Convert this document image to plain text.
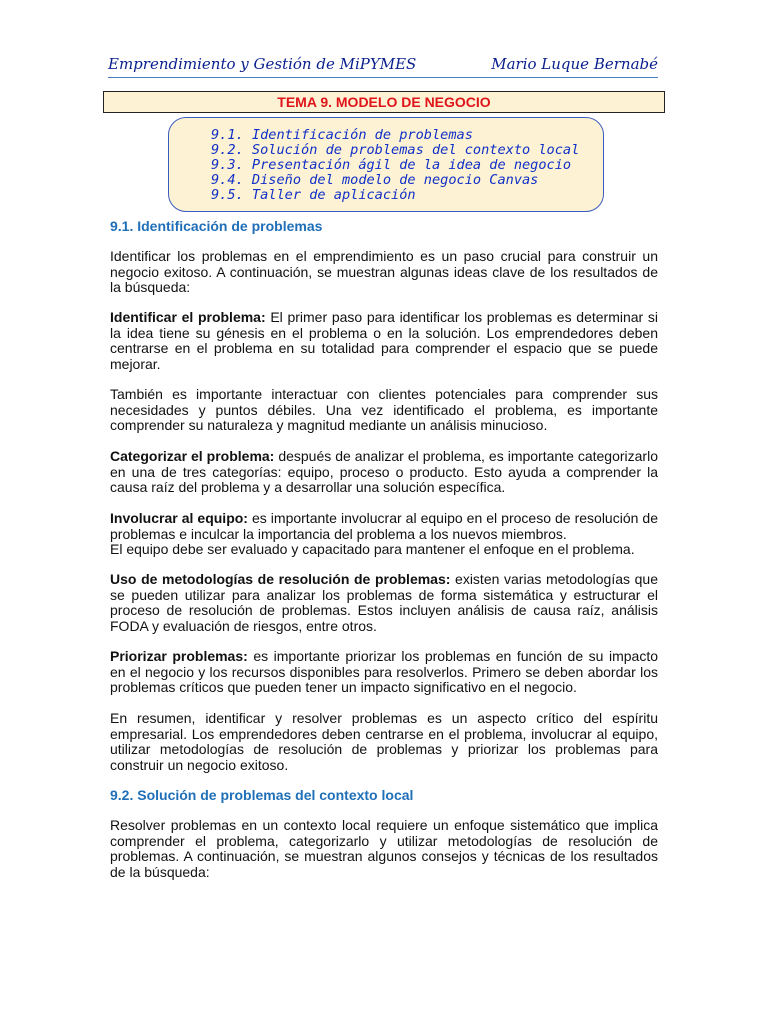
Emprendimiento y Gestión de MiPYMES	Mario Luque Bernabé
TEMA 9. MODELO DE NEGOCIO
9.1. Identificación de problemas
9.2. Solución de problemas del contexto local
9.3. Presentación ágil de la idea de negocio
9.4. Diseño del modelo de negocio Canvas
9.5. Taller de aplicación
9.1. Identificación de problemas
Identificar los problemas en el emprendimiento es un paso crucial para construir un negocio exitoso. A continuación, se muestran algunas ideas clave de los resultados de la búsqueda:
Identificar el problema: El primer paso para identificar los problemas es determinar si la idea tiene su génesis en el problema o en la solución. Los emprendedores deben centrarse en el problema en su totalidad para comprender el espacio que se puede mejorar.
También es importante interactuar con clientes potenciales para comprender sus necesidades y puntos débiles. Una vez identificado el problema, es importante comprender su naturaleza y magnitud mediante un análisis minucioso.
Categorizar el problema: después de analizar el problema, es importante categorizarlo en una de tres categorías: equipo, proceso o producto. Esto ayuda a comprender la causa raíz del problema y a desarrollar una solución específica.
Involucrar al equipo: es importante involucrar al equipo en el proceso de resolución de problemas e inculcar la importancia del problema a los nuevos miembros.
El equipo debe ser evaluado y capacitado para mantener el enfoque en el problema.
Uso de metodologías de resolución de problemas: existen varias metodologías que se pueden utilizar para analizar los problemas de forma sistemática y estructurar el proceso de resolución de problemas. Estos incluyen análisis de causa raíz, análisis FODA y evaluación de riesgos, entre otros.
Priorizar problemas: es importante priorizar los problemas en función de su impacto en el negocio y los recursos disponibles para resolverlos. Primero se deben abordar los problemas críticos que pueden tener un impacto significativo en el negocio.
En resumen, identificar y resolver problemas es un aspecto crítico del espíritu empresarial. Los emprendedores deben centrarse en el problema, involucrar al equipo, utilizar metodologías de resolución de problemas y priorizar los problemas para construir un negocio exitoso.
9.2. Solución de problemas del contexto local
Resolver problemas en un contexto local requiere un enfoque sistemático que implica comprender el problema, categorizarlo y utilizar metodologías de resolución de problemas. A continuación, se muestran algunos consejos y técnicas de los resultados de la búsqueda:
